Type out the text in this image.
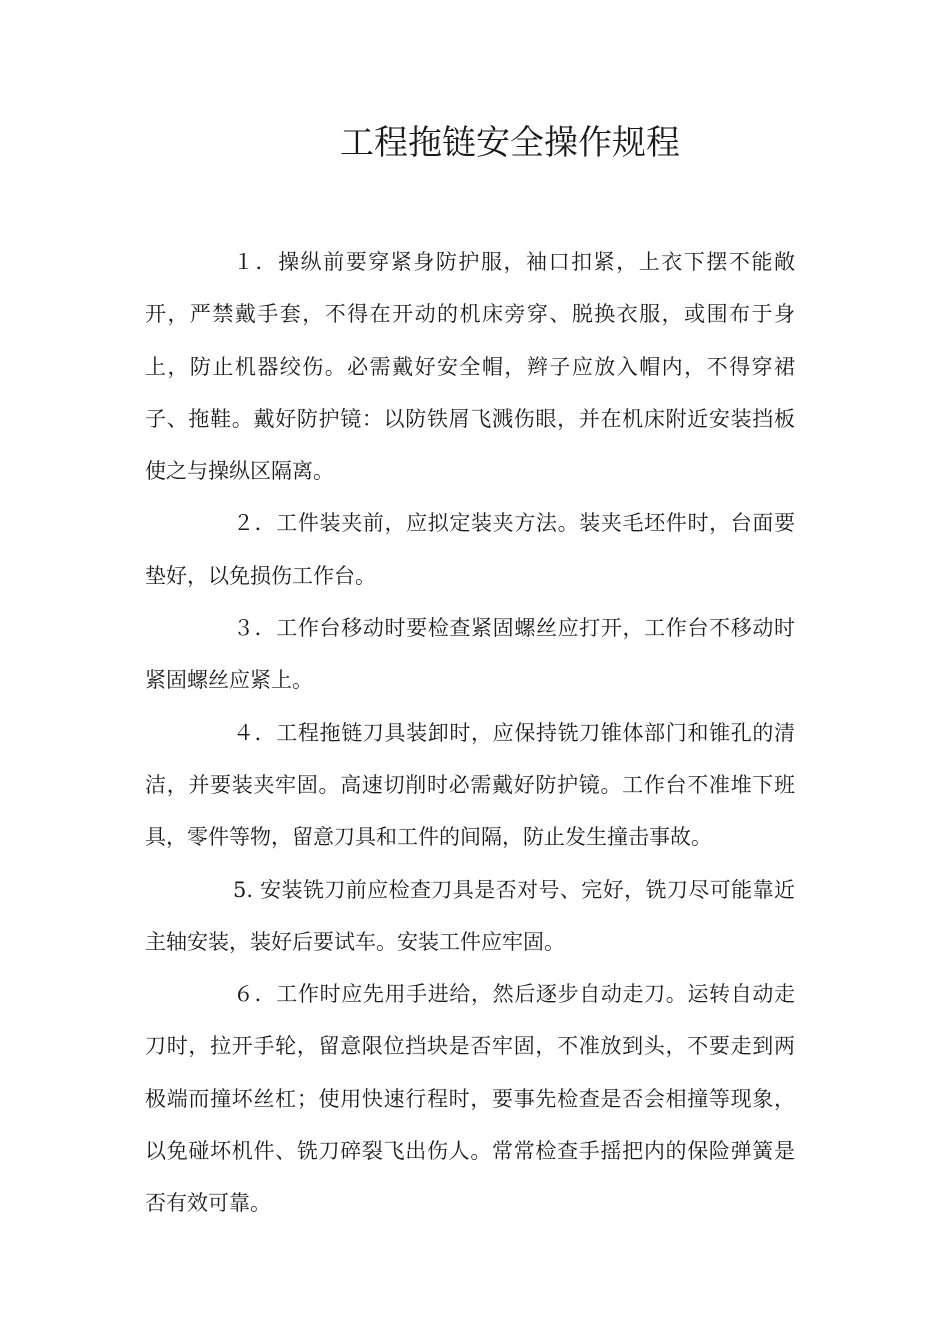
工程拖链安全操作规程

１．操纵前要穿紧身防护服，袖口扣紧，上衣下摆不能敞开，严禁戴手套，不得在开动的机床旁穿、脱换衣服，或围布于身上，防止机器绞伤。必需戴好安全帽，辫子应放入帽内，不得穿裙子、拖鞋。戴好防护镜：以防铁屑飞溅伤眼，并在机床附近安装挡板使之与操纵区隔离。

２．工件装夹前，应拟定装夹方法。装夹毛坯件时，台面要垫好，以免损伤工作台。

３．工作台移动时要检查紧固螺丝应打开，工作台不移动时紧固螺丝应紧上。

４．工程拖链刀具装卸时，应保持铣刀锥体部门和锥孔的清洁，并要装夹牢固。高速切削时必需戴好防护镜。工作台不准堆下班具，零件等物，留意刀具和工件的间隔，防止发生撞击事故。

5. 安装铣刀前应检查刀具是否对号、完好，铣刀尽可能靠近主轴安装，装好后要试车。安装工件应牢固。

６．工作时应先用手进给，然后逐步自动走刀。运转自动走刀时，拉开手轮，留意限位挡块是否牢固，不准放到头，不要走到两极端而撞坏丝杠；使用快速行程时，要事先检查是否会相撞等现象，以免碰坏机件、铣刀碎裂飞出伤人。常常检查手摇把内的保险弹簧是否有效可靠。
